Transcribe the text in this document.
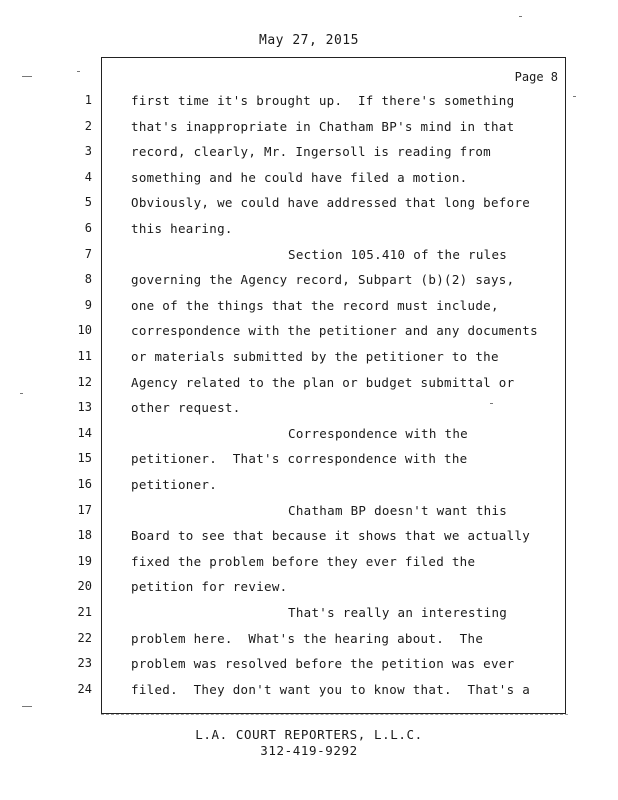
May 27, 2015
Page 8
1	first time it's brought up.  If there's something
2	that's inappropriate in Chatham BP's mind in that
3	record, clearly, Mr. Ingersoll is reading from
4	something and he could have filed a motion.
5	Obviously, we could have addressed that long before
6	this hearing.
7	Section 105.410 of the rules
8	governing the Agency record, Subpart (b)(2) says,
9	one of the things that the record must include,
10	correspondence with the petitioner and any documents
11	or materials submitted by the petitioner to the
12	Agency related to the plan or budget submittal or
13	other request.
14	Correspondence with the
15	petitioner.  That's correspondence with the
16	petitioner.
17	Chatham BP doesn't want this
18	Board to see that because it shows that we actually
19	fixed the problem before they ever filed the
20	petition for review.
21	That's really an interesting
22	problem here.  What's the hearing about.  The
23	problem was resolved before the petition was ever
24	filed.  They don't want you to know that.  That's a
L.A. COURT REPORTERS, L.L.C.
312-419-9292
